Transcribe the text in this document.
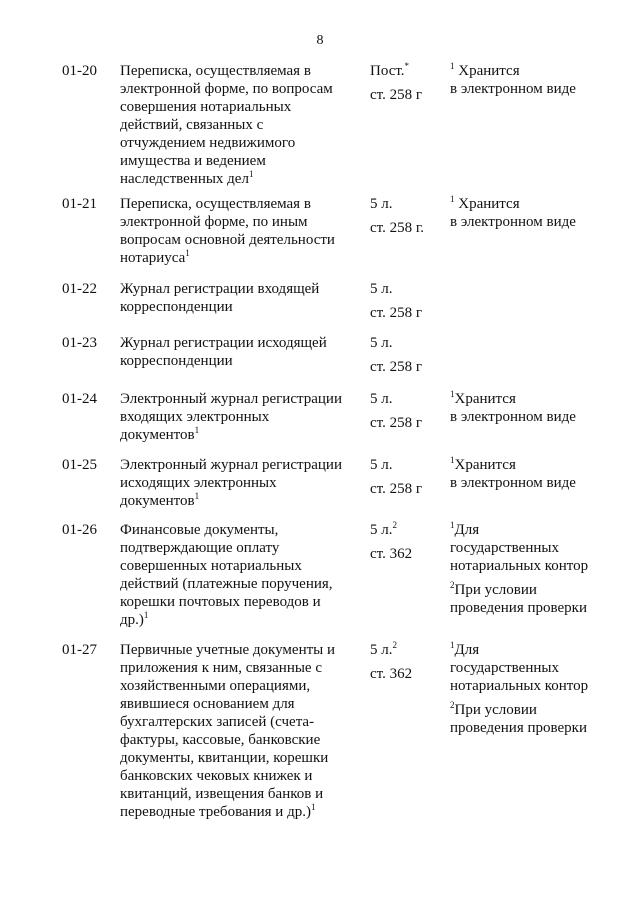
8
01-20 Переписка, осуществляемая в
электронной форме, по вопросам
совершения нотариальных
действий, связанных с
отчуждением недвижимого
имущества и ведением
наследственных дел$^1$
Пост.*
ст. 258 г
$^1$ Хранится
в электронном виде
01-21 Переписка, осуществляемая в
электронной форме, по иным
вопросам основной деятельности
нотариуса$^1$
5 л.
ст. 258 г.
$^1$ Хранится
в электронном виде
01-22 Журнал регистрации входящей
корреспонденции
5 л.
ст. 258 г
01-23 Журнал регистрации исходящей
корреспонденции
5 л.
ст. 258 г
01-24 Электронный журнал регистрации
входящих электронных
документов$^1$
5 л.
ст. 258 г
$^1$Хранится
в электронном виде
01-25 Электронный журнал регистрации
исходящих электронных
документов$^1$
5 л.
ст. 258 г
$^1$Хранится
в электронном виде
01-26 Финансовые документы,
подтверждающие оплату
совершенных нотариальных
действий (платежные поручения,
корешки почтовых переводов и
др.)$^1$
5 л.$^2$
ст. 362
$^1$Для
государственных
нотариальных контор
$^2$При условии
проведения проверки
01-27 Первичные учетные документы и
приложения к ним, связанные с
хозяйственными операциями,
явившиеся основанием для
бухгалтерских записей (счета-
фактуры, кассовые, банковские
документы, квитанции, корешки
банковских чековых книжек и
квитанций, извещения банков и
переводные требования и др.)$^1$
5 л.$^2$
ст. 362
$^1$Для
государственных
нотариальных контор
$^2$При условии
проведения проверки
